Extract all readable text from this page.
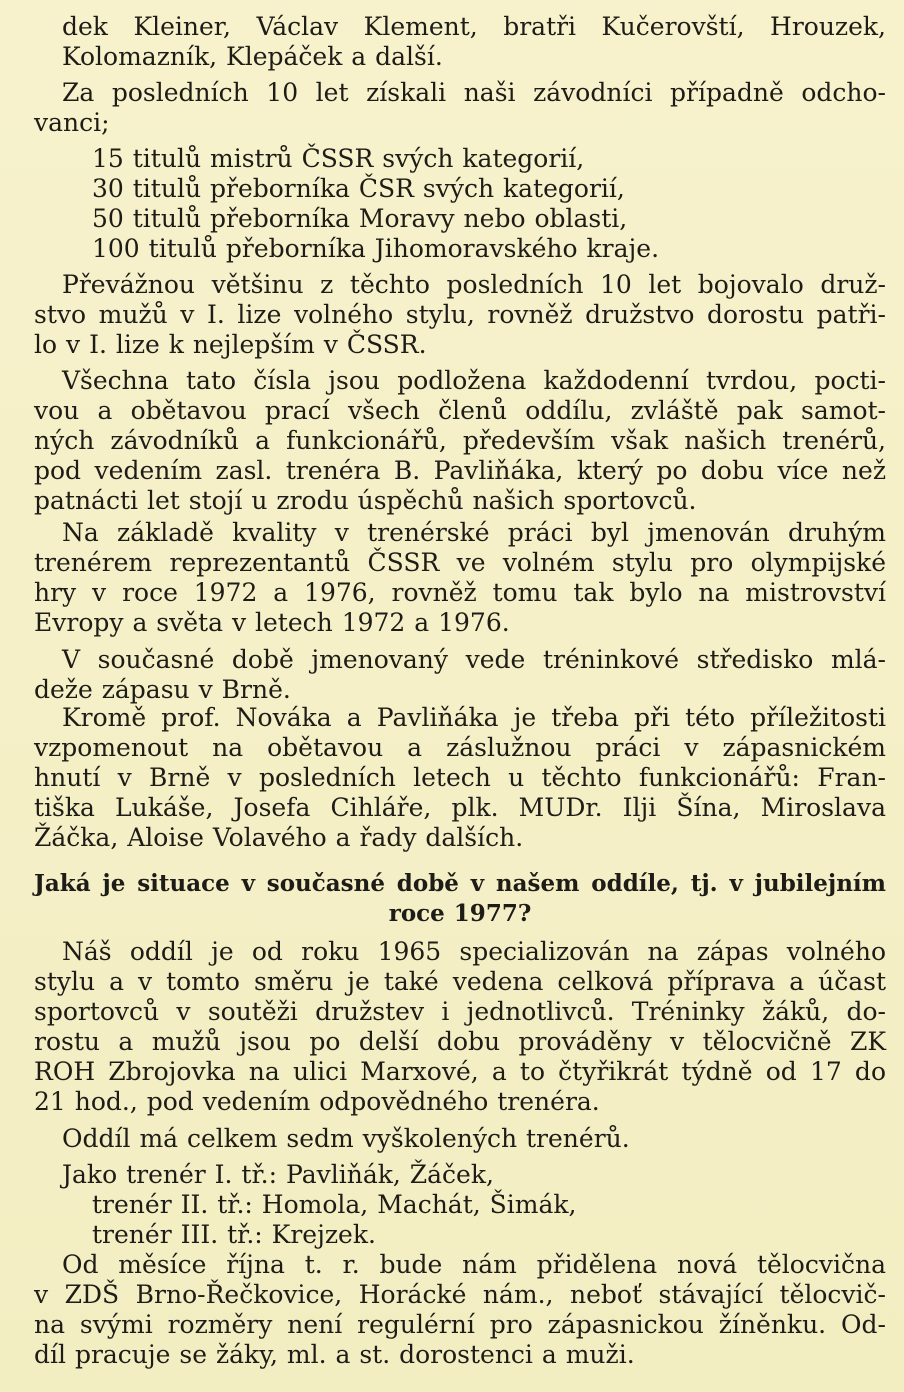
dek Kleiner, Václav Klement, bratři Kučerovští, Hrouzek,
Kolomazník, Klepáček a další.

Za posledních 10 let získali naši závodníci případně odcho-
vanci;

15 titulů mistrů ČSSR svých kategorií,
30 titulů přeborníka ČSR svých kategorií,
50 titulů přeborníka Moravy nebo oblasti,
100 titulů přeborníka Jihomoravského kraje.

Převážnou většinu z těchto posledních 10 let bojovalo druž-
stvo mužů v I. lize volného stylu, rovněž družstvo dorostu patři-
lo v I. lize k nejlepším v ČSSR.

Všechna tato čísla jsou podložena každodenní tvrdou, pocti-
vou a obětavou prací všech členů oddílu, zvláště pak samot-
ných závodníků a funkcionářů, především však našich trenérů,
pod vedením zasl. trenéra B. Pavliňáka, který po dobu více než
patnácti let stojí u zrodu úspěchů našich sportovců.

Na základě kvality v trenérské práci byl jmenován druhým
trenérem reprezentantů ČSSR ve volném stylu pro olympijské
hry v roce 1972 a 1976, rovněž tomu tak bylo na mistrovství
Evropy a světa v letech 1972 a 1976.

V současné době jmenovaný vede tréninkové středisko mlá-
deže zápasu v Brně.

Kromě prof. Nováka a Pavliňáka je třeba při této příležitosti
vzpomenout na obětavou a záslužnou práci v zápasnickém
hnutí v Brně v posledních letech u těchto funkcionářů: Fran-
tiška Lukáše, Josefa Cihláře, plk. MUDr. Ilji Šína, Miroslava
Žáčka, Aloise Volavého a řady dalších.

Jaká je situace v současné době v našem oddíle, tj. v jubilejním
roce 1977?

Náš oddíl je od roku 1965 specializován na zápas volného
stylu a v tomto směru je také vedena celková příprava a účast
sportovců v soutěži družstev i jednotlivců. Tréninky žáků, do-
rostu a mužů jsou po delší dobu prováděny v tělocvičně ZK
ROH Zbrojovka na ulici Marxové, a to čtyřikrát týdně od 17 do
21 hod., pod vedením odpovědného trenéra.

Oddíl má celkem sedm vyškolených trenérů.

Jako trenér I. tř.: Pavliňák, Žáček,
trenér II. tř.: Homola, Machát, Šimák,
trenér III. tř.: Krejzek.

Od měsíce října t. r. bude nám přidělena nová tělocvična
v ZDŠ Brno-Řečkovice, Horácké nám., neboť stávající tělocvič-
na svými rozměry není regulérní pro zápasnickou žíněnku. Od-
díl pracuje se žáky, ml. a st. dorostenci a muži.
